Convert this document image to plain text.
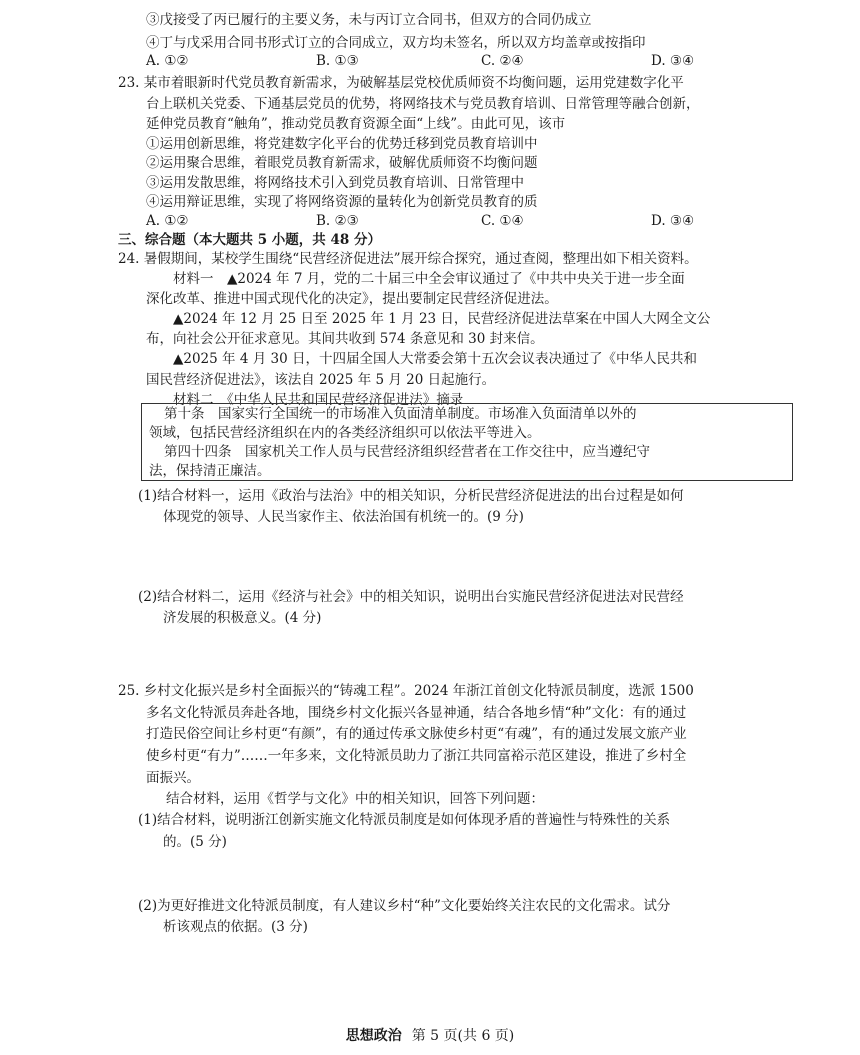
③戊接受了丙已履行的主要义务，未与丙订立合同书，但双方的合同仍成立
④丁与戊采用合同书形式订立的合同成立，双方均未签名，所以双方均盖章或按指印
A. ①②	B. ①③	C. ②④	D. ③④
23. 某市着眼新时代党员教育新需求，为破解基层党校优质师资不均衡问题，运用党建数字化平
台上联机关党委、下通基层党员的优势，将网络技术与党员教育培训、日常管理等融合创新，
延伸党员教育“触角”，推动党员教育资源全面“上线”。由此可见，该市
①运用创新思维，将党建数字化平台的优势迁移到党员教育培训中
②运用聚合思维，着眼党员教育新需求，破解优质师资不均衡问题
③运用发散思维，将网络技术引入到党员教育培训、日常管理中
④运用辩证思维，实现了将网络资源的量转化为创新党员教育的质
A. ①②	B. ②③	C. ①④	D. ③④
三、综合题（本大题共 5 小题，共 48 分）
24. 暑假期间，某校学生围绕“民营经济促进法”展开综合探究，通过查阅，整理出如下相关资料。
材料一　▲2024 年 7 月，党的二十届三中全会审议通过了《中共中央关于进一步全面
深化改革、推进中国式现代化的决定》，提出要制定民营经济促进法。
▲2024 年 12 月 25 日至 2025 年 1 月 23 日，民营经济促进法草案在中国人大网全文公
布，向社会公开征求意见。其间共收到 574 条意见和 30 封来信。
▲2025 年 4 月 30 日，十四届全国人大常委会第十五次会议表决通过了《中华人民共和
国民营经济促进法》，该法自 2025 年 5 月 20 日起施行。
材料二　《中华人民共和国民营经济促进法》摘录
第十条　国家实行全国统一的市场准入负面清单制度。市场准入负面清单以外的
领域，包括民营经济组织在内的各类经济组织可以依法平等进入。
第四十四条　国家机关工作人员与民营经济组织经营者在工作交往中，应当遵纪守
法，保持清正廉洁。
(1)结合材料一，运用《政治与法治》中的相关知识，分析民营经济促进法的出台过程是如何
体现党的领导、人民当家作主、依法治国有机统一的。(9 分)
(2)结合材料二，运用《经济与社会》中的相关知识，说明出台实施民营经济促进法对民营经
济发展的积极意义。(4 分)
25. 乡村文化振兴是乡村全面振兴的“铸魂工程”。2024 年浙江首创文化特派员制度，选派 1500
多名文化特派员奔赴各地，围绕乡村文化振兴各显神通，结合各地乡情“种”文化：有的通过
打造民俗空间让乡村更“有颜”，有的通过传承文脉使乡村更“有魂”，有的通过发展文旅产业
使乡村更“有力”……一年多来，文化特派员助力了浙江共同富裕示范区建设，推进了乡村全
面振兴。
结合材料，运用《哲学与文化》中的相关知识，回答下列问题：
(1)结合材料，说明浙江创新实施文化特派员制度是如何体现矛盾的普遍性与特殊性的关系
的。(5 分)
(2)为更好推进文化特派员制度，有人建议乡村“种”文化要始终关注农民的文化需求。试分
析该观点的依据。(3 分)
思想政治 第 5 页(共 6 页)
